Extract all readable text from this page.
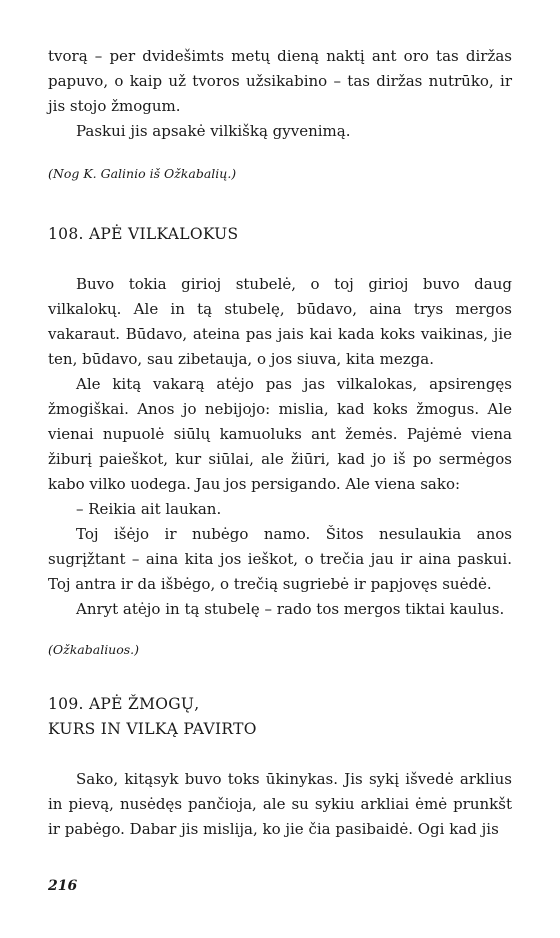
tvorą – per dvidešimts metų dieną naktį ant oro tas diržas papuvo, o kaip už tvoros užsikabino – tas diržas nutrūko, ir jis stojo žmogum.

Paskui jis apsakė vilkišką gyvenimą.

(Nog K. Galinio iš Ožkabalių.)

108. APĖ VILKALOKUS

Buvo tokia girioj stubelė, o toj girioj buvo daug vilkalokų. Ale in tą stubelę, būdavo, aina trys mergos vakaraut. Būdavo, ateina pas jais kai kada koks vaikinas, jie ten, būdavo, sau zibetauja, o jos siuva, kita mezga.

Ale kitą vakarą atėjo pas jas vilkalokas, apsirengęs žmogiškai. Anos jo nebijojo: mislia, kad koks žmogus. Ale vienai nupuolė siūlų kamuoluks ant žemės. Pajėmė viena žiburį paieškot, kur siūlai, ale žiūri, kad jo iš po sermėgos kabo vilko uodega. Jau jos persigando. Ale viena sako:

– Reikia ait laukan.

Toj išėjo ir nubėgo namo. Šitos nesulaukia anos sugrįžtant – aina kita jos ieškot, o trečia jau ir aina paskui. Toj antra ir da išbėgo, o trečią sugriebė ir papjovęs suėdė.

Anryt atėjo in tą stubelę – rado tos mergos tiktai kaulus.

(Ožkabaliuos.)

109. APĖ ŽMOGŲ,

KURS IN VILKĄ PAVIRTO

Sako, kitąsyk buvo toks ūkinykas. Jis sykį išvedė arklius in pievą, nusėdęs pančioja, ale su sykiu arkliai ėmė prunkšt ir pabėgo. Dabar jis mislija, ko jie čia pasibaidė. Ogi kad jis

216
